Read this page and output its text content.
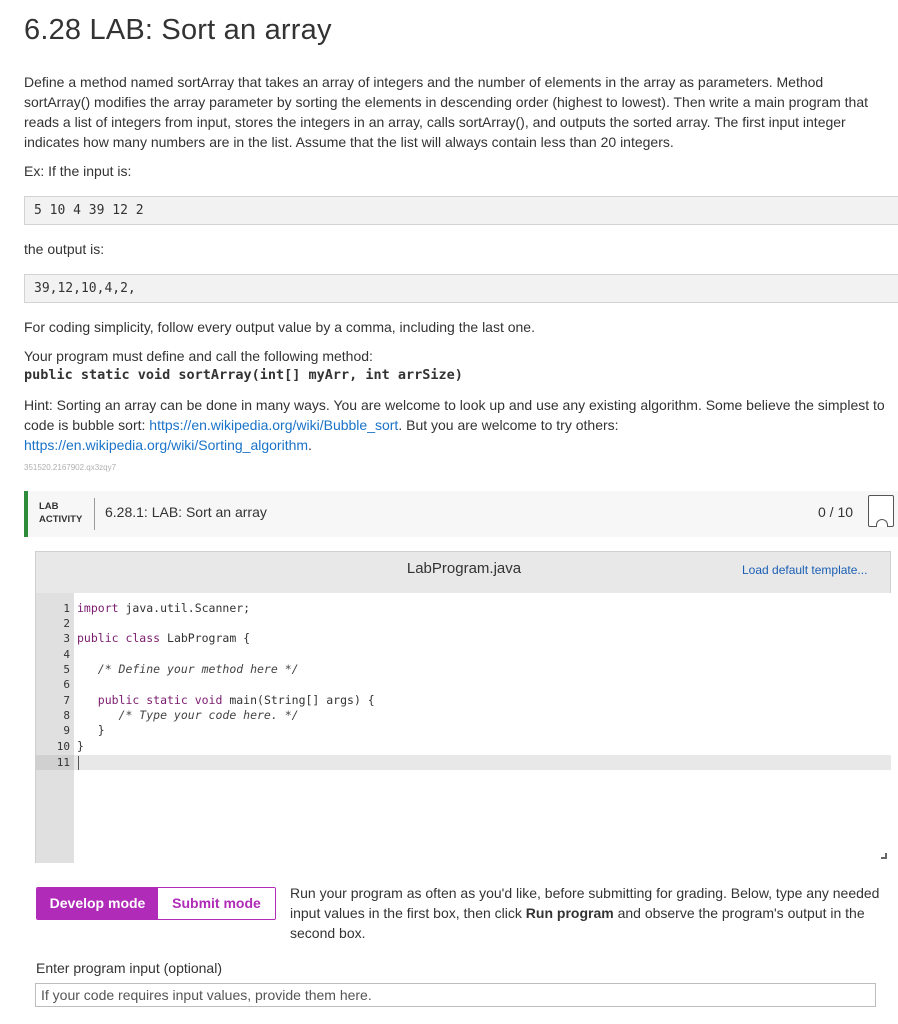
6.28 LAB: Sort an array

Define a method named sortArray that takes an array of integers and the number of elements in the array as parameters. Method sortArray() modifies the array parameter by sorting the elements in descending order (highest to lowest). Then write a main program that reads a list of integers from input, stores the integers in an array, calls sortArray(), and outputs the sorted array. The first input integer indicates how many numbers are in the list. Assume that the list will always contain less than 20 integers.

Ex: If the input is:

5 10 4 39 12 2

the output is:

39,12,10,4,2,

For coding simplicity, follow every output value by a comma, including the last one.

Your program must define and call the following method:

public static void sortArray(int[] myArr, int arrSize)

Hint: Sorting an array can be done in many ways. You are welcome to look up and use any existing algorithm. Some believe the simplest to code is bubble sort: https://en.wikipedia.org/wiki/Bubble_sort. But you are welcome to try others: https://en.wikipedia.org/wiki/Sorting_algorithm.

351520.2167902.qx3zqy7
LAB
ACTIVITY 6.28.1: LAB: Sort an array	0 / 10
LabProgram.java	Load default template...
1
2
3
4
5
6
7
8
9
10
11
import java.util.Scanner;
public class LabProgram {
/* Define your method here */
public static void main(String[] args) {
/* Type your code here. */
}
}
Develop mode	Submit mode

Run your program as often as you'd like, before submitting for grading. Below, type any needed input values in the first box, then click Run program and observe the program's output in the second box.

Enter program input (optional)
If your code requires input values, provide them here.
